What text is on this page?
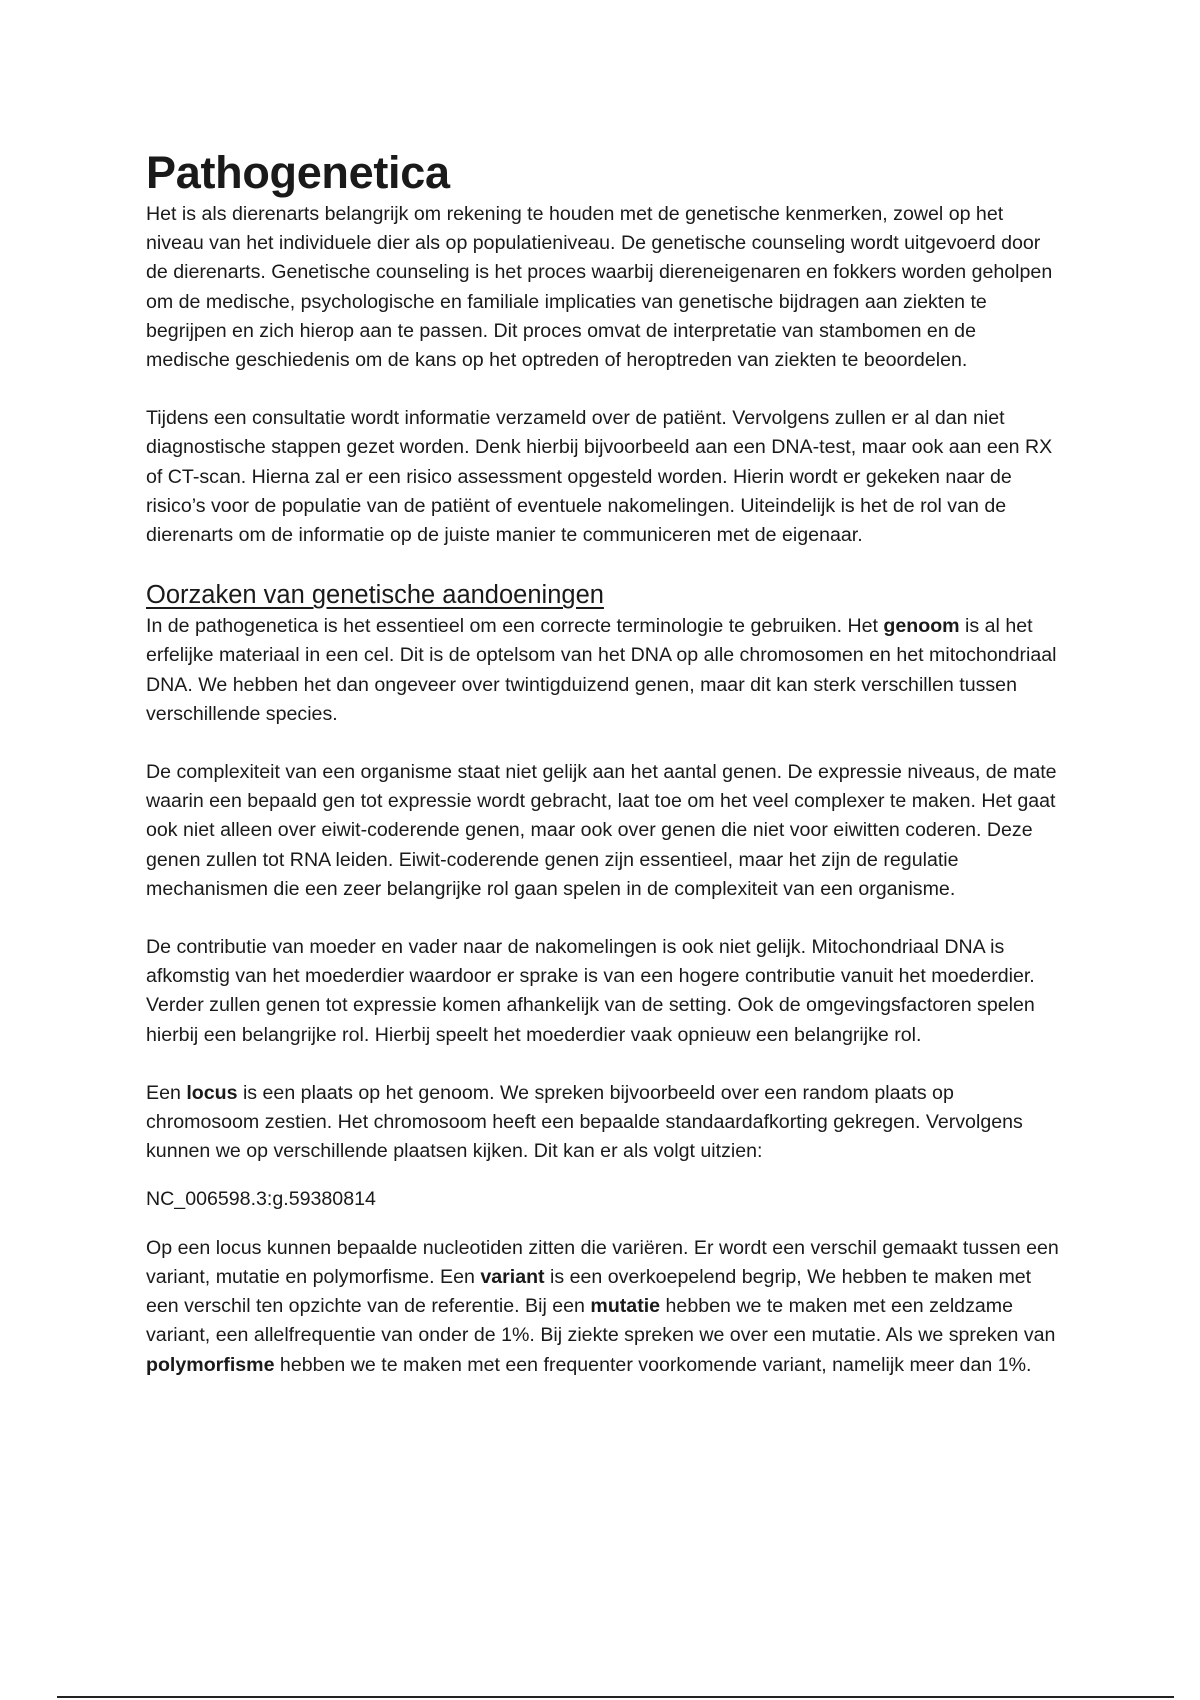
Pathogenetica

Het is als dierenarts belangrijk om rekening te houden met de genetische kenmerken, zowel op het niveau van het individuele dier als op populatieniveau. De genetische counseling wordt uitgevoerd door de dierenarts. Genetische counseling is het proces waarbij diereneigenaren en fokkers worden geholpen om de medische, psychologische en familiale implicaties van genetische bijdragen aan ziekten te begrijpen en zich hierop aan te passen. Dit proces omvat de interpretatie van stambomen en de medische geschiedenis om de kans op het optreden of heroptreden van ziekten te beoordelen.

Tijdens een consultatie wordt informatie verzameld over de patiënt. Vervolgens zullen er al dan niet diagnostische stappen gezet worden. Denk hierbij bijvoorbeeld aan een DNA-test, maar ook aan een RX of CT-scan. Hierna zal er een risico assessment opgesteld worden. Hierin wordt er gekeken naar de risico’s voor de populatie van de patiënt of eventuele nakomelingen. Uiteindelijk is het de rol van de dierenarts om de informatie op de juiste manier te communiceren met de eigenaar.

Oorzaken van genetische aandoeningen

In de pathogenetica is het essentieel om een correcte terminologie te gebruiken. Het genoom is al het erfelijke materiaal in een cel. Dit is de optelsom van het DNA op alle chromosomen en het mitochondriaal DNA. We hebben het dan ongeveer over twintigduizend genen, maar dit kan sterk verschillen tussen verschillende species.

De complexiteit van een organisme staat niet gelijk aan het aantal genen. De expressie niveaus, de mate waarin een bepaald gen tot expressie wordt gebracht, laat toe om het veel complexer te maken. Het gaat ook niet alleen over eiwit-coderende genen, maar ook over genen die niet voor eiwitten coderen. Deze genen zullen tot RNA leiden. Eiwit-coderende genen zijn essentieel, maar het zijn de regulatie mechanismen die een zeer belangrijke rol gaan spelen in de complexiteit van een organisme.

De contributie van moeder en vader naar de nakomelingen is ook niet gelijk. Mitochondriaal DNA is afkomstig van het moederdier waardoor er sprake is van een hogere contributie vanuit het moederdier. Verder zullen genen tot expressie komen afhankelijk van de setting. Ook de omgevingsfactoren spelen hierbij een belangrijke rol. Hierbij speelt het moederdier vaak opnieuw een belangrijke rol.

Een locus is een plaats op het genoom. We spreken bijvoorbeeld over een random plaats op chromosoom zestien. Het chromosoom heeft een bepaalde standaardafkorting gekregen. Vervolgens kunnen we op verschillende plaatsen kijken. Dit kan er als volgt uitzien:

NC_006598.3:g.59380814

Op een locus kunnen bepaalde nucleotiden zitten die variëren. Er wordt een verschil gemaakt tussen een variant, mutatie en polymorfisme. Een variant is een overkoepelend begrip, We hebben te maken met een verschil ten opzichte van de referentie. Bij een mutatie hebben we te maken met een zeldzame variant, een allelfrequentie van onder de 1%. Bij ziekte spreken we over een mutatie. Als we spreken van polymorfisme hebben we te maken met een frequenter voorkomende variant, namelijk meer dan 1%.
